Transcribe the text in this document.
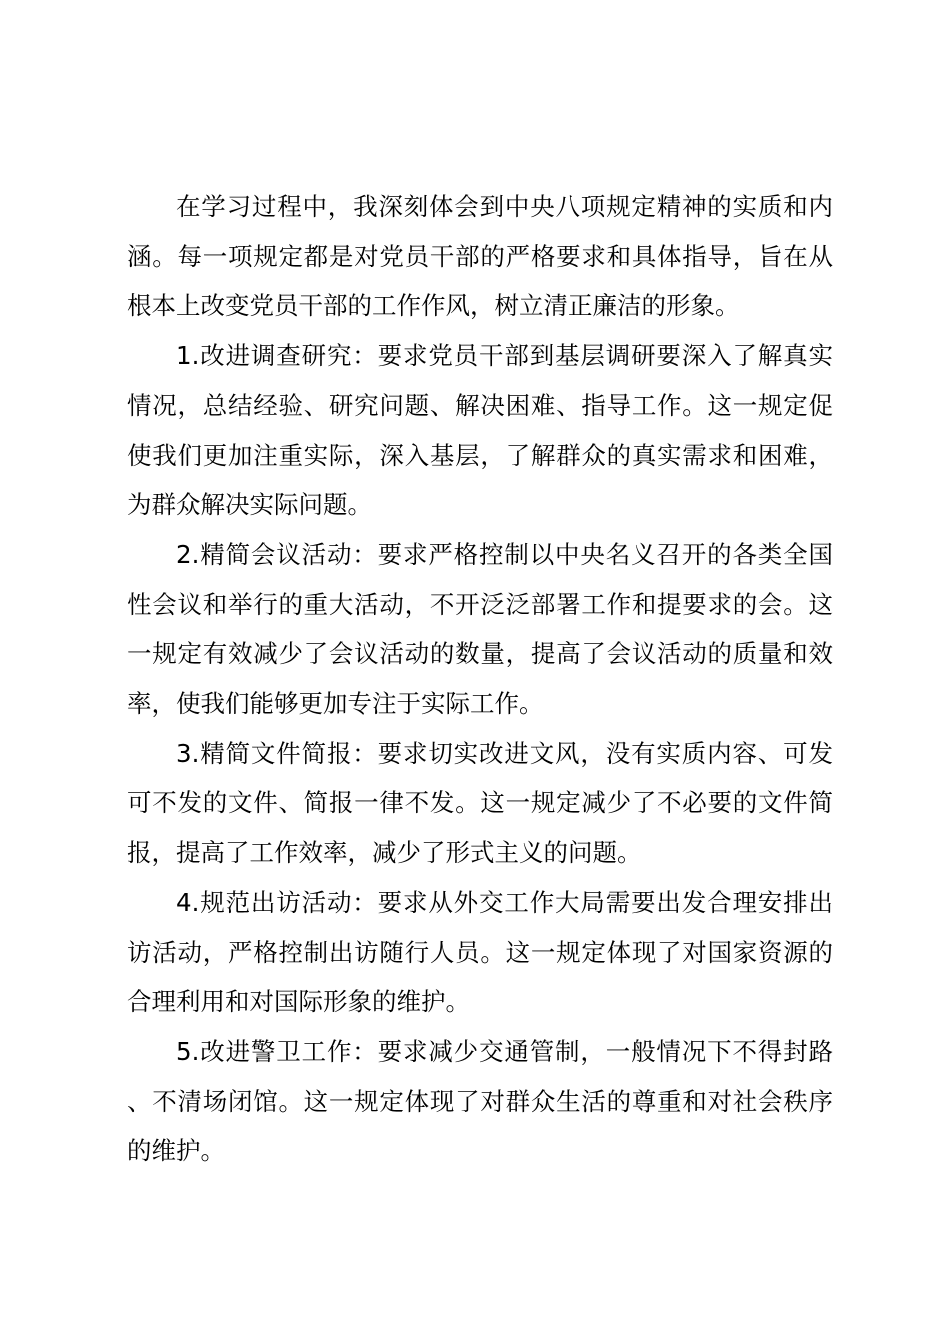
在学习过程中，我深刻体会到中央八项规定精神的实质和内涵。每一项规定都是对党员干部的严格要求和具体指导，旨在从根本上改变党员干部的工作作风，树立清正廉洁的形象。

1.改进调查研究：要求党员干部到基层调研要深入了解真实情况，总结经验、研究问题、解决困难、指导工作。这一规定促使我们更加注重实际，深入基层，了解群众的真实需求和困难，为群众解决实际问题。

2.精简会议活动：要求严格控制以中央名义召开的各类全国性会议和举行的重大活动，不开泛泛部署工作和提要求的会。这一规定有效减少了会议活动的数量，提高了会议活动的质量和效率，使我们能够更加专注于实际工作。

3.精简文件简报：要求切实改进文风，没有实质内容、可发可不发的文件、简报一律不发。这一规定减少了不必要的文件简报，提高了工作效率，减少了形式主义的问题。

4.规范出访活动：要求从外交工作大局需要出发合理安排出访活动，严格控制出访随行人员。这一规定体现了对国家资源的合理利用和对国际形象的维护。

5.改进警卫工作：要求减少交通管制，一般情况下不得封路、不清场闭馆。这一规定体现了对群众生活的尊重和对社会秩序的维护。
